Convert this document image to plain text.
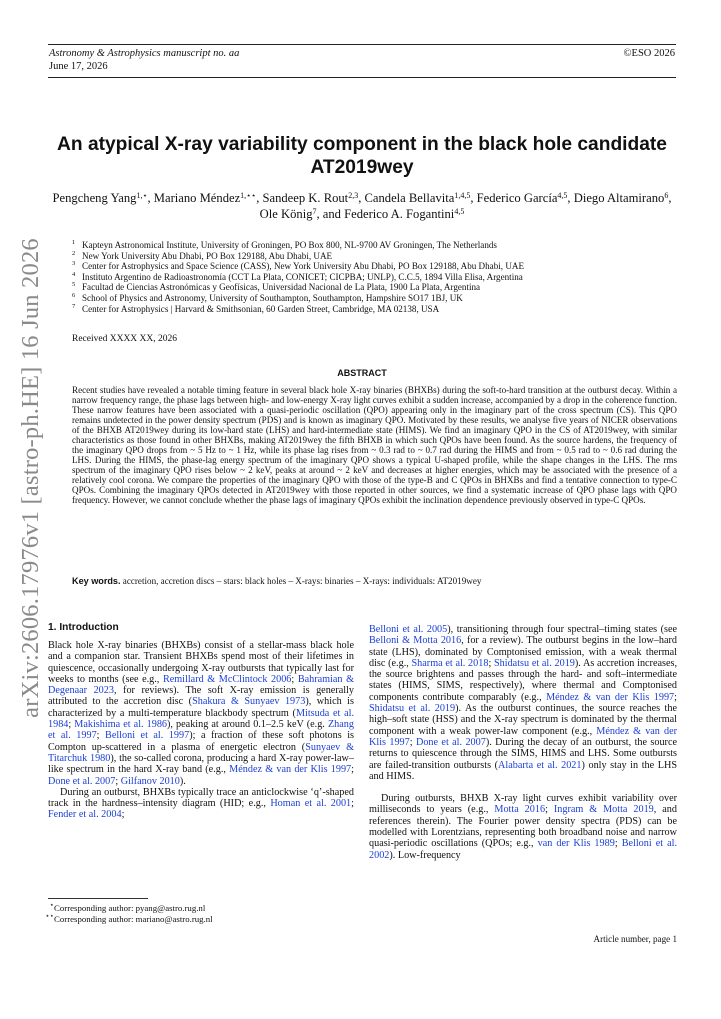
Astronomy & Astrophysics manuscript no. aa
June 17, 2026
©ESO 2026
arXiv:2606.17976v1 [astro-ph.HE] 16 Jun 2026
An atypical X-ray variability component in the black hole candidate AT2019wey
Pengcheng Yang$^{1,⋆}$, Mariano Méndez$^{1,⋆⋆}$, Sandeep K. Rout$^{2,3}$, Candela Bellavita$^{1,4,5}$, Federico García$^{4,5}$, Diego Altamirano$^6$, Ole König$^7$, and Federico A. Fogantini$^{4,5}$
1 Kapteyn Astronomical Institute, University of Groningen, PO Box 800, NL-9700 AV Groningen, The Netherlands
2 New York University Abu Dhabi, PO Box 129188, Abu Dhabi, UAE
3 Center for Astrophysics and Space Science (CASS), New York University Abu Dhabi, PO Box 129188, Abu Dhabi, UAE
4 Instituto Argentino de Radioastronomía (CCT La Plata, CONICET; CICPBA; UNLP), C.C.5, 1894 Villa Elisa, Argentina
5 Facultad de Ciencias Astronómicas y Geofísicas, Universidad Nacional de La Plata, 1900 La Plata, Argentina
6 School of Physics and Astronomy, University of Southampton, Southampton, Hampshire SO17 1BJ, UK
7 Center for Astrophysics | Harvard & Smithsonian, 60 Garden Street, Cambridge, MA 02138, USA
Received XXXX XX, 2026
ABSTRACT

Recent studies have revealed a notable timing feature in several black hole X-ray binaries (BHXBs) during the soft-to-hard transition at the outburst decay. Within a narrow frequency range, the phase lags between high- and low-energy X-ray light curves exhibit a sudden increase, accompanied by a drop in the coherence function. These narrow features have been associated with a quasi-periodic oscillation (QPO) appearing only in the imaginary part of the cross spectrum (CS). This QPO remains undetected in the power density spectrum (PDS) and is known as imaginary QPO. Motivated by these results, we analyse five years of NICER observations of the BHXB AT2019wey during its low-hard state (LHS) and hard-intermediate state (HIMS). We find an imaginary QPO in the CS of AT2019wey, with similar characteristics as those found in other BHXBs, making AT2019wey the fifth BHXB in which such QPOs have been found. As the source hardens, the frequency of the imaginary QPO drops from ~ 5 Hz to ~ 1 Hz, while its phase lag rises from ~ 0.3 rad to ~ 0.7 rad during the HIMS and from ~ 0.5 rad to ~ 0.6 rad during the LHS. During the HIMS, the phase-lag energy spectrum of the imaginary QPO shows a typical U-shaped profile, while the shape changes in the LHS. The rms spectrum of the imaginary QPO rises below ~ 2 keV, peaks at around ~ 2 keV and decreases at higher energies, which may be associated with the presence of a relatively cool corona. We compare the properties of the imaginary QPO with those of the type-B and C QPOs in BHXBs and find a tentative connection to type-C QPOs. Combining the imaginary QPOs detected in AT2019wey with those reported in other sources, we find a systematic increase of QPO phase lags with QPO frequency. However, we cannot conclude whether the phase lags of imaginary QPOs exhibit the inclination dependence previously observed in type-C QPOs.

Key words. accretion, accretion discs – stars: black holes – X-rays: binaries – X-rays: individuals: AT2019wey
1. Introduction

Black hole X-ray binaries (BHXBs) consist of a stellar-mass black hole and a companion star. Transient BHXBs spend most of their lifetimes in quiescence, occasionally undergoing X-ray outbursts that typically last for weeks to months (see e.g., Remillard & McClintock 2006; Bahramian & Degenaar 2023, for reviews). The soft X-ray emission is generally attributed to the accretion disc (Shakura & Sunyaev 1973), which is characterized by a multi-temperature blackbody spectrum (Mitsuda et al. 1984; Makishima et al. 1986), peaking at around 0.1–2.5 keV (e.g. Zhang et al. 1997; Belloni et al. 1997); a fraction of these soft photons is Compton up-scattered in a plasma of energetic electron (Sunyaev & Titarchuk 1980), the so-called corona, producing a hard X-ray power-law–like spectrum in the hard X-ray band (e.g., Méndez & van der Klis 1997; Done et al. 2007; Gilfanov 2010).

During an outburst, BHXBs typically trace an anticlockwise ‘q’-shaped track in the hardness–intensity diagram (HID; e.g., Homan et al. 2001; Fender et al. 2004;

Belloni et al. 2005), transitioning through four spectral–timing states (see Belloni & Motta 2016, for a review). The outburst begins in the low–hard state (LHS), dominated by Comptonised emission, with a weak thermal disc (e.g., Sharma et al. 2018; Shidatsu et al. 2019). As accretion increases, the source brightens and passes through the hard- and soft–intermediate states (HIMS, SIMS, respectively), where thermal and Comptonised components contribute comparably (e.g., Méndez & van der Klis 1997; Shidatsu et al. 2019). As the outburst continues, the source reaches the high–soft state (HSS) and the X-ray spectrum is dominated by the thermal component with a weak power-law component (e.g., Méndez & van der Klis 1997; Done et al. 2007). During the decay of an outburst, the source returns to quiescence through the SIMS, HIMS and LHS. Some outbursts are failed-transition outbursts (Alabarta et al. 2021) only stay in the LHS and HIMS.

During outbursts, BHXB X-ray light curves exhibit variability over milliseconds to years (e.g., Motta 2016; Ingram & Motta 2019, and references therein). The Fourier power density spectra (PDS) can be modelled with Lorentzians, representing both broadband noise and narrow quasi-periodic oscillations (QPOs; e.g., van der Klis 1989; Belloni et al. 2002). Low-frequency

⋆ Corresponding author: pyang@astro.rug.nl
⋆⋆ Corresponding author: mariano@astro.rug.nl
Article number, page 1
